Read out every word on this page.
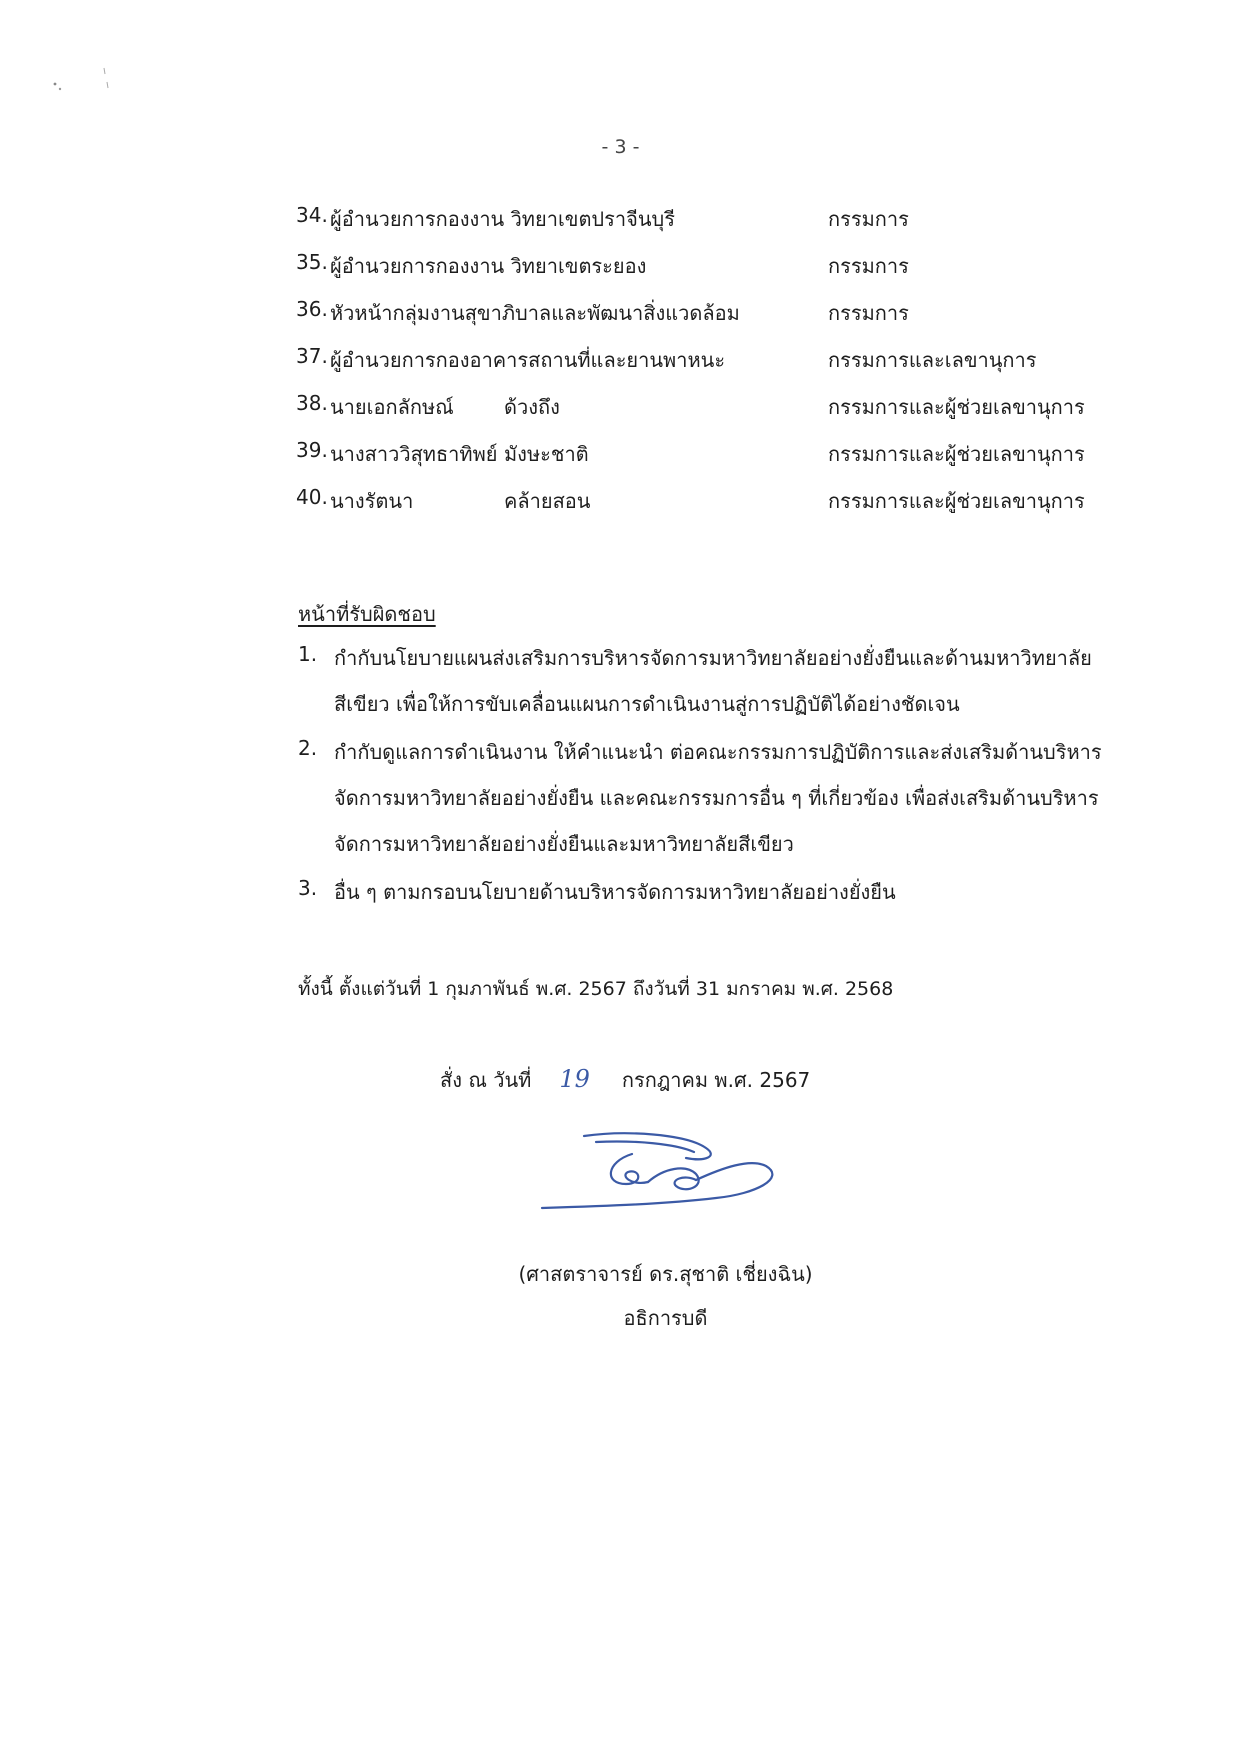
- 3 -
34. ผู้อำนวยการกองงาน วิทยาเขตปราจีนบุรี	กรรมการ
35. ผู้อำนวยการกองงาน วิทยาเขตระยอง	กรรมการ
36. หัวหน้ากลุ่มงานสุขาภิบาลและพัฒนาสิ่งแวดล้อม	กรรมการ
37. ผู้อำนวยการกองอาคารสถานที่และยานพาหนะ	กรรมการและเลขานุการ
38. นายเอกลักษณ์	ด้วงถึง	กรรมการและผู้ช่วยเลขานุการ
39. นางสาววิสุทธาทิพย์ มังษะชาติ	กรรมการและผู้ช่วยเลขานุการ
40. นางรัตนา	คล้ายสอน	กรรมการและผู้ช่วยเลขานุการ
หน้าที่รับผิดชอบ
1. กำกับนโยบายแผนส่งเสริมการบริหารจัดการมหาวิทยาลัยอย่างยั่งยืนและด้านมหาวิทยาลัย
สีเขียว เพื่อให้การขับเคลื่อนแผนการดำเนินงานสู่การปฏิบัติได้อย่างชัดเจน
2. กำกับดูแลการดำเนินงาน ให้คำแนะนำ ต่อคณะกรรมการปฏิบัติการและส่งเสริมด้านบริหาร
จัดการมหาวิทยาลัยอย่างยั่งยืน และคณะกรรมการอื่น ๆ ที่เกี่ยวข้อง เพื่อส่งเสริมด้านบริหาร
จัดการมหาวิทยาลัยอย่างยั่งยืนและมหาวิทยาลัยสีเขียว
3. อื่น ๆ ตามกรอบนโยบายด้านบริหารจัดการมหาวิทยาลัยอย่างยั่งยืน
ทั้งนี้ ตั้งแต่วันที่ 1 กุมภาพันธ์ พ.ศ. 2567 ถึงวันที่ 31 มกราคม พ.ศ. 2568
สั่ง ณ วันที่ 19 กรกฎาคม พ.ศ. 2567
(ศาสตราจารย์ ดร.สุชาติ เชี่ยงฉิน)
อธิการบดี
